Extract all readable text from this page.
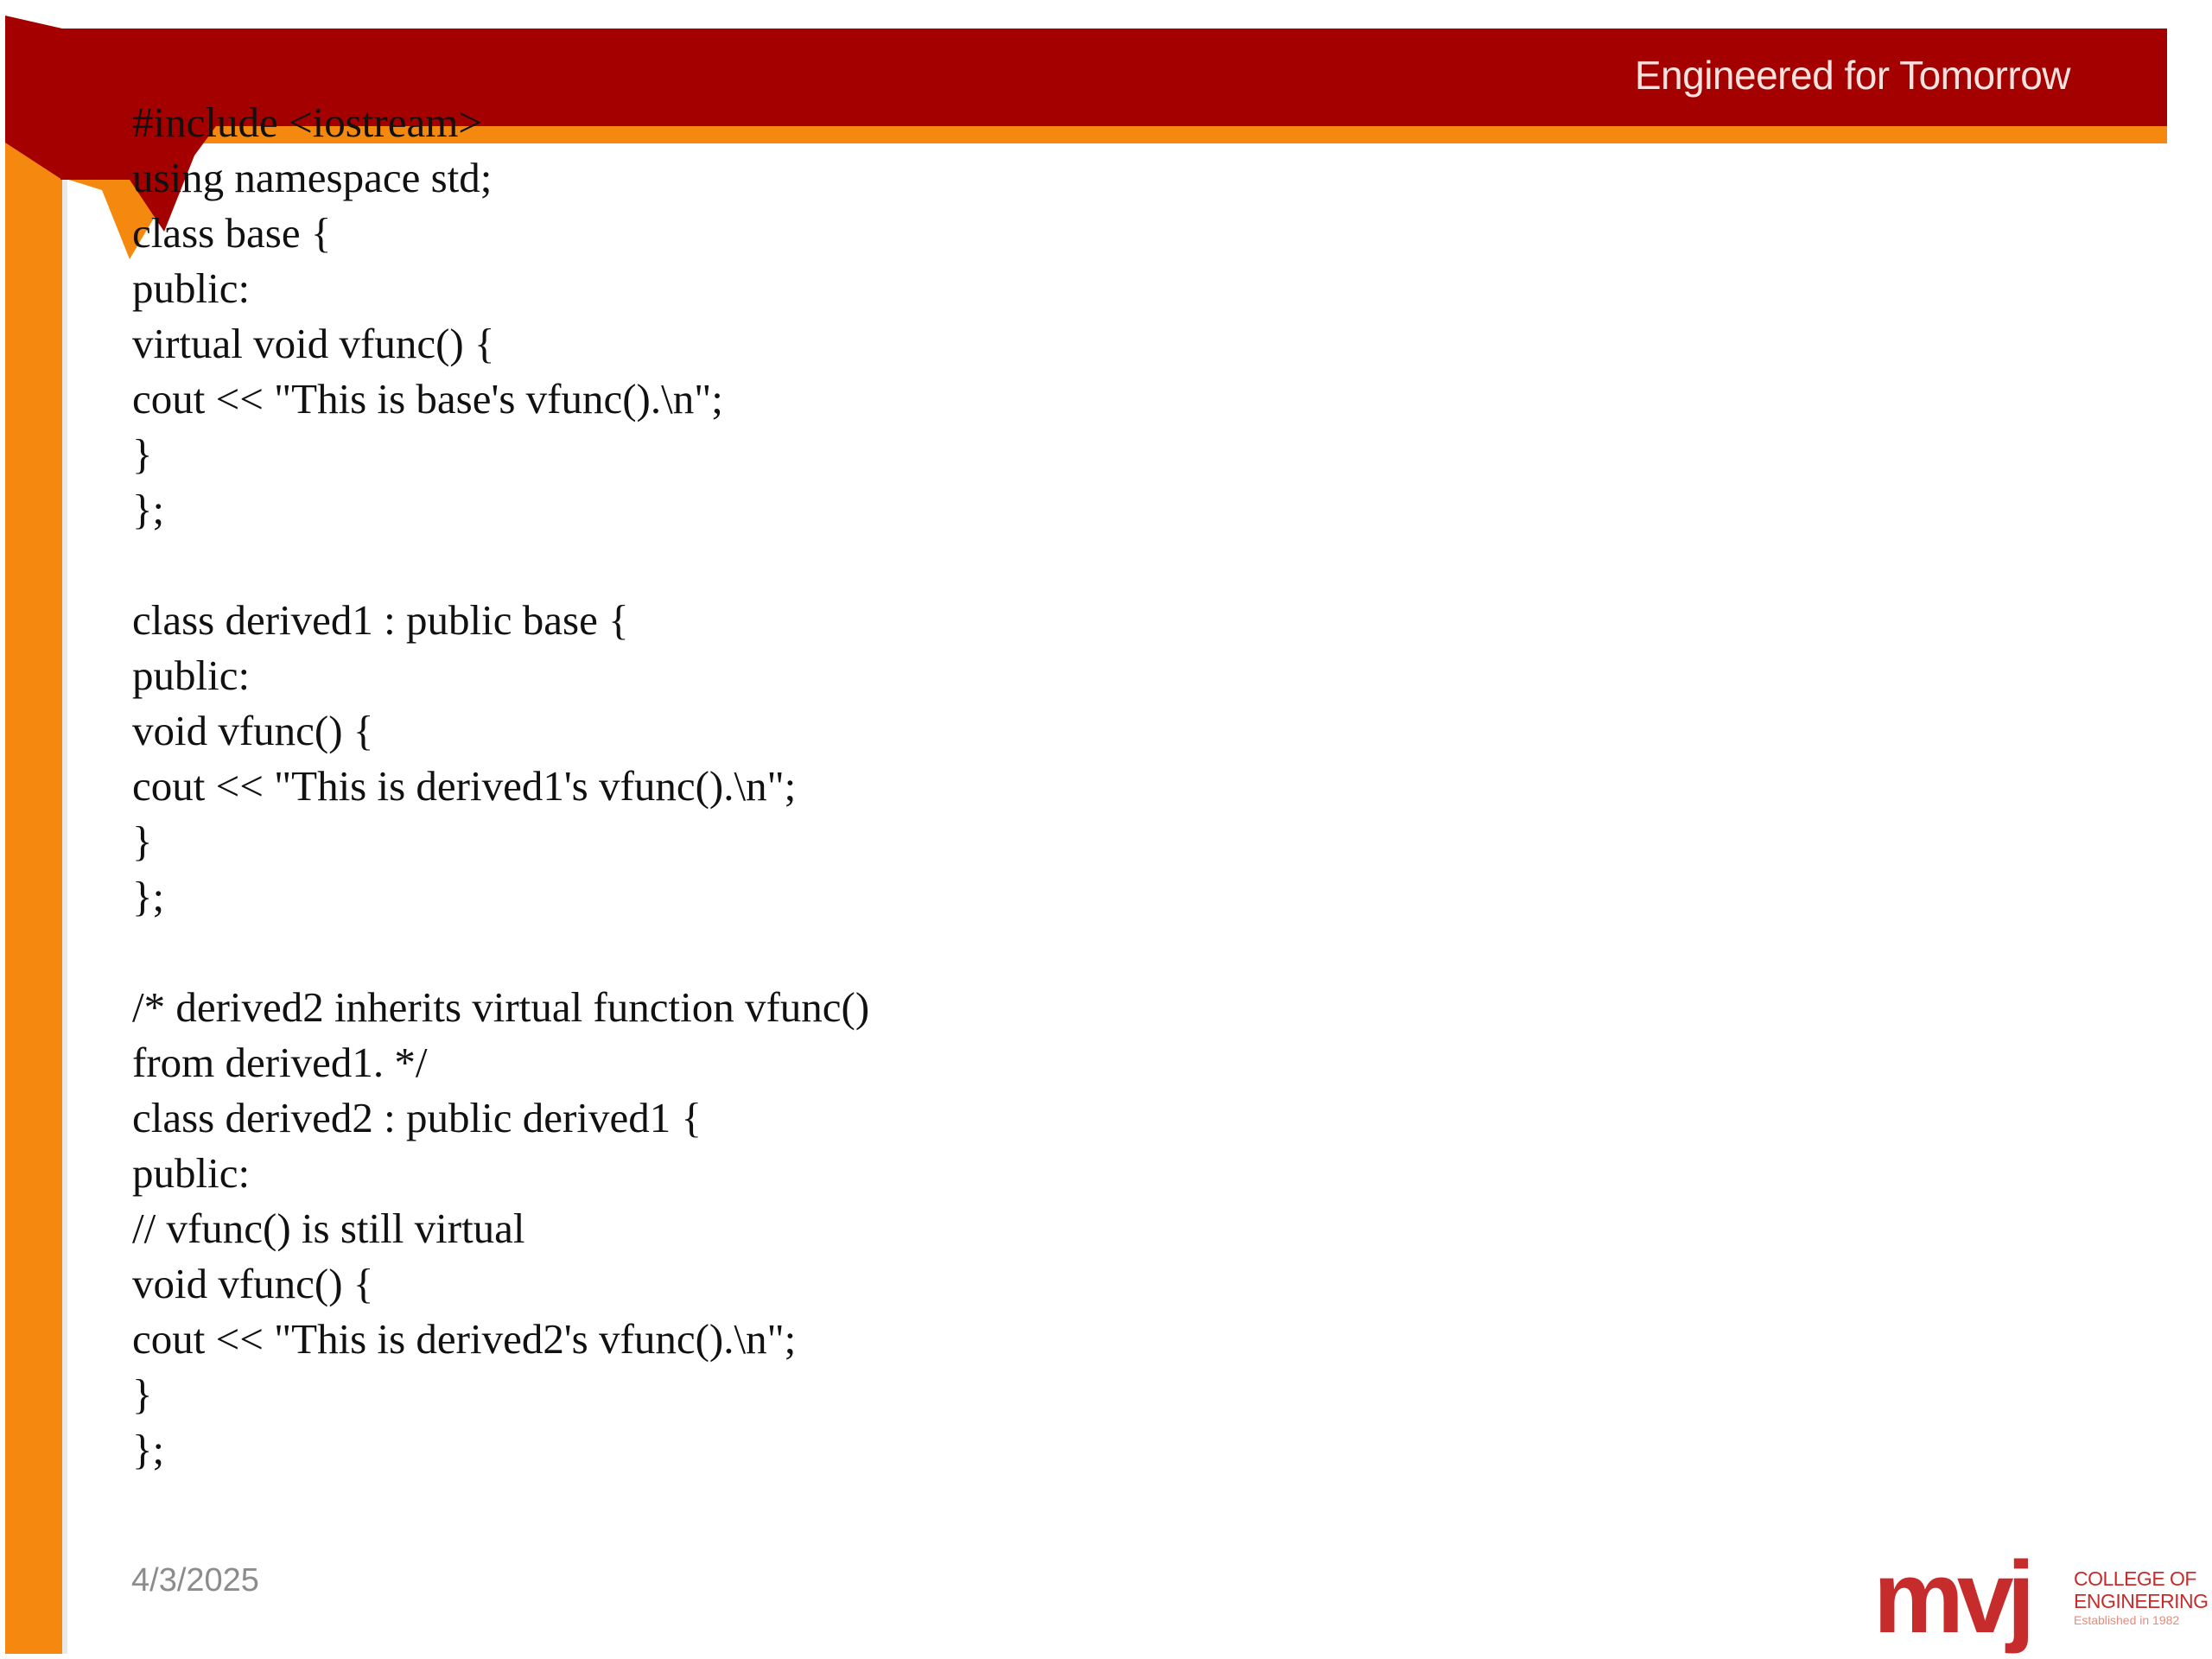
Engineered for Tomorrow
#include <iostream>
using namespace std;
class base {
public:
virtual void vfunc() {
cout << "This is base's vfunc().\n";
}
};
class derived1 : public base {
public:
void vfunc() {
cout << "This is derived1's vfunc().\n";
}
};
/* derived2 inherits virtual function vfunc()
from derived1. */
class derived2 : public derived1 {
public:
// vfunc() is still virtual
void vfunc() {
cout << "This is derived2's vfunc().\n";
}
};
4/3/2025	mvj COLLEGE OF
ENGINEERING
Established in 1982
